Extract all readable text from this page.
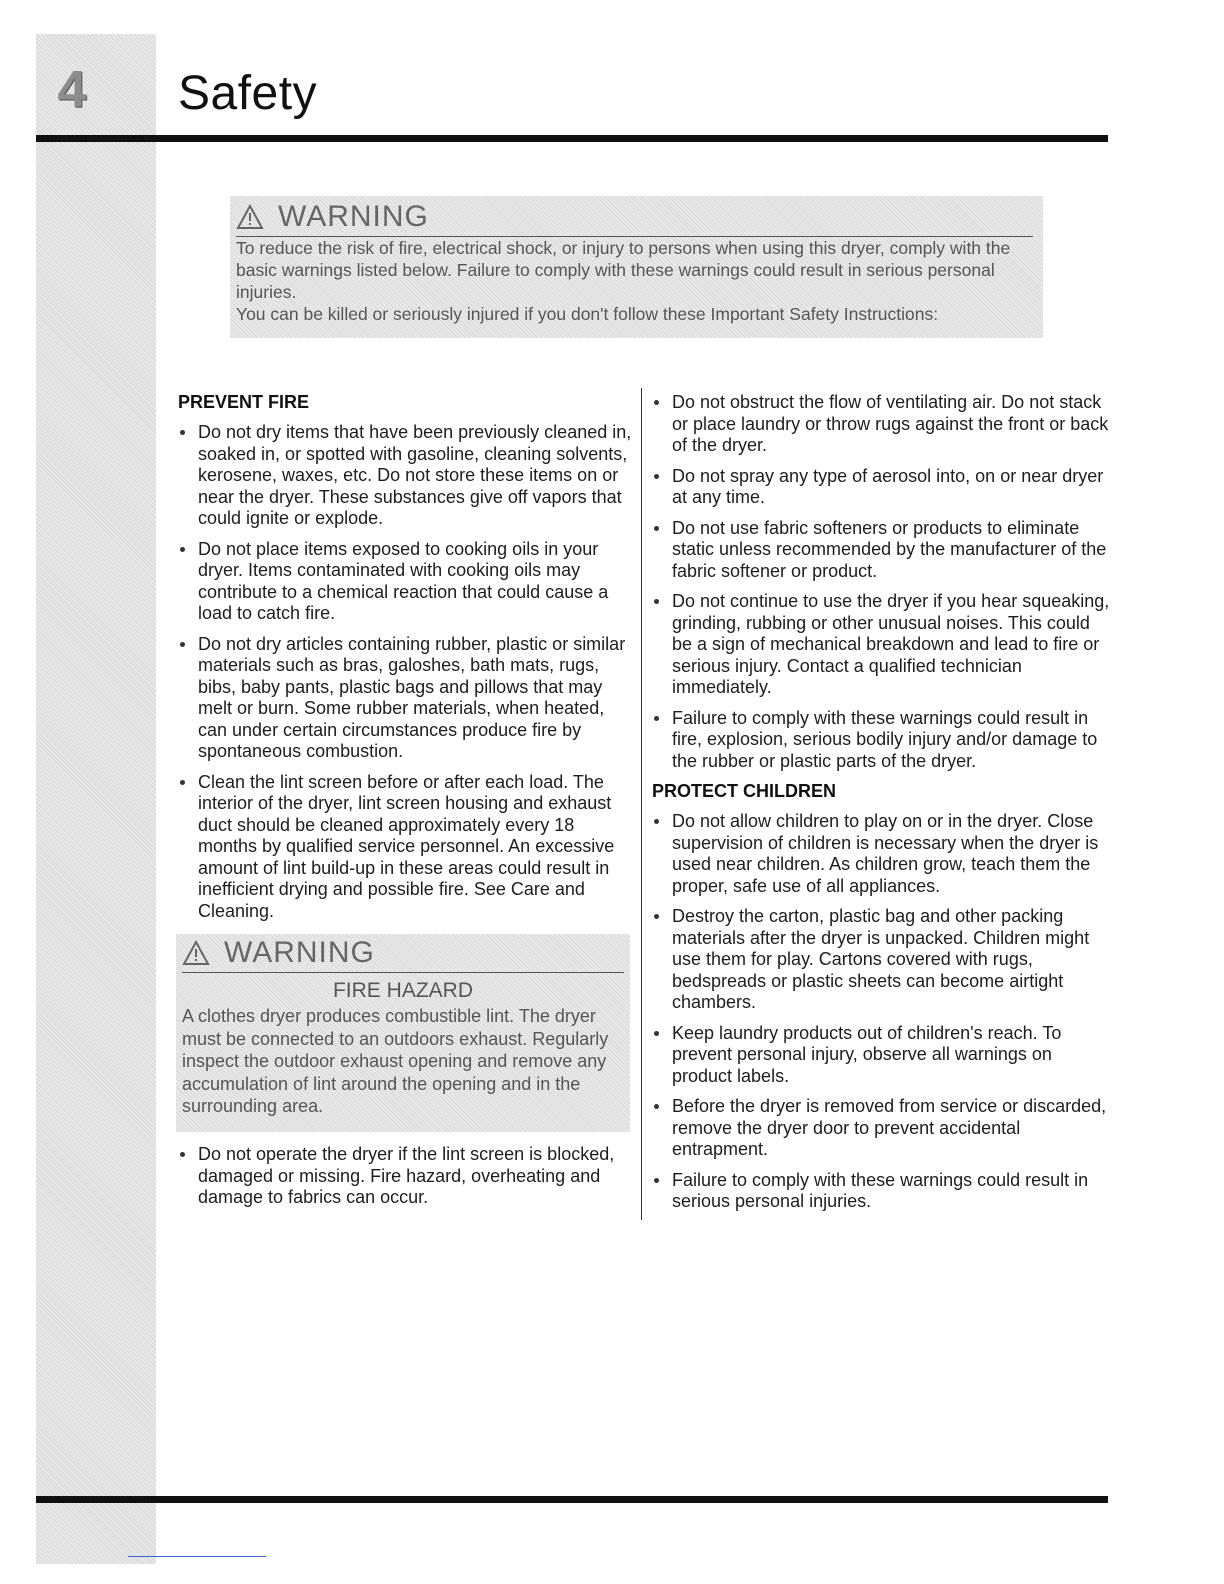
4 Safety
WARNING

To reduce the risk of fire, electrical shock, or injury to persons when using this dryer, comply with the basic warnings listed below. Failure to comply with these warnings could result in serious personal injuries.

You can be killed or seriously injured if you don't follow these Important Safety Instructions:

PREVENT FIRE
Do not dry items that have been previously cleaned in, soaked in, or spotted with gasoline, cleaning solvents, kerosene, waxes, etc. Do not store these items on or near the dryer. These substances give off vapors that could ignite or explode.
Do not place items exposed to cooking oils in your dryer. Items contaminated with cooking oils may contribute to a chemical reaction that could cause a load to catch fire.
Do not dry articles containing rubber, plastic or similar materials such as bras, galoshes, bath mats, rugs, bibs, baby pants, plastic bags and pillows that may melt or burn. Some rubber materials, when heated, can under certain circumstances produce fire by spontaneous combustion.
Clean the lint screen before or after each load. The interior of the dryer, lint screen housing and exhaust duct should be cleaned approximately every 18 months by qualified service personnel. An excessive amount of lint build-up in these areas could result in inefficient drying and possible fire. See Care and Cleaning.
WARNING
FIRE HAZARD

A clothes dryer produces combustible lint. The dryer must be connected to an outdoors exhaust. Regularly inspect the outdoor exhaust opening and remove any accumulation of lint around the opening and in the surrounding area.

Do not operate the dryer if the lint screen is blocked, damaged or missing. Fire hazard, overheating and damage to fabrics can occur.
Do not obstruct the flow of ventilating air. Do not stack or place laundry or throw rugs against the front or back of the dryer.
Do not spray any type of aerosol into, on or near dryer at any time.
Do not use fabric softeners or products to eliminate static unless recommended by the manufacturer of the fabric softener or product.
Do not continue to use the dryer if you hear squeaking, grinding, rubbing or other unusual noises. This could be a sign of mechanical breakdown and lead to fire or serious injury. Contact a qualified technician immediately.
Failure to comply with these warnings could result in fire, explosion, serious bodily injury and/or damage to the rubber or plastic parts of the dryer.
PROTECT CHILDREN
Do not allow children to play on or in the dryer. Close supervision of children is necessary when the dryer is used near children. As children grow, teach them the proper, safe use of all appliances.
Destroy the carton, plastic bag and other packing materials after the dryer is unpacked. Children might use them for play. Cartons covered with rugs, bedspreads or plastic sheets can become airtight chambers.
Keep laundry products out of children's reach. To prevent personal injury, observe all warnings on product labels.
Before the dryer is removed from service or discarded, remove the dryer door to prevent accidental entrapment.
Failure to comply with these warnings could result in serious personal injuries.
